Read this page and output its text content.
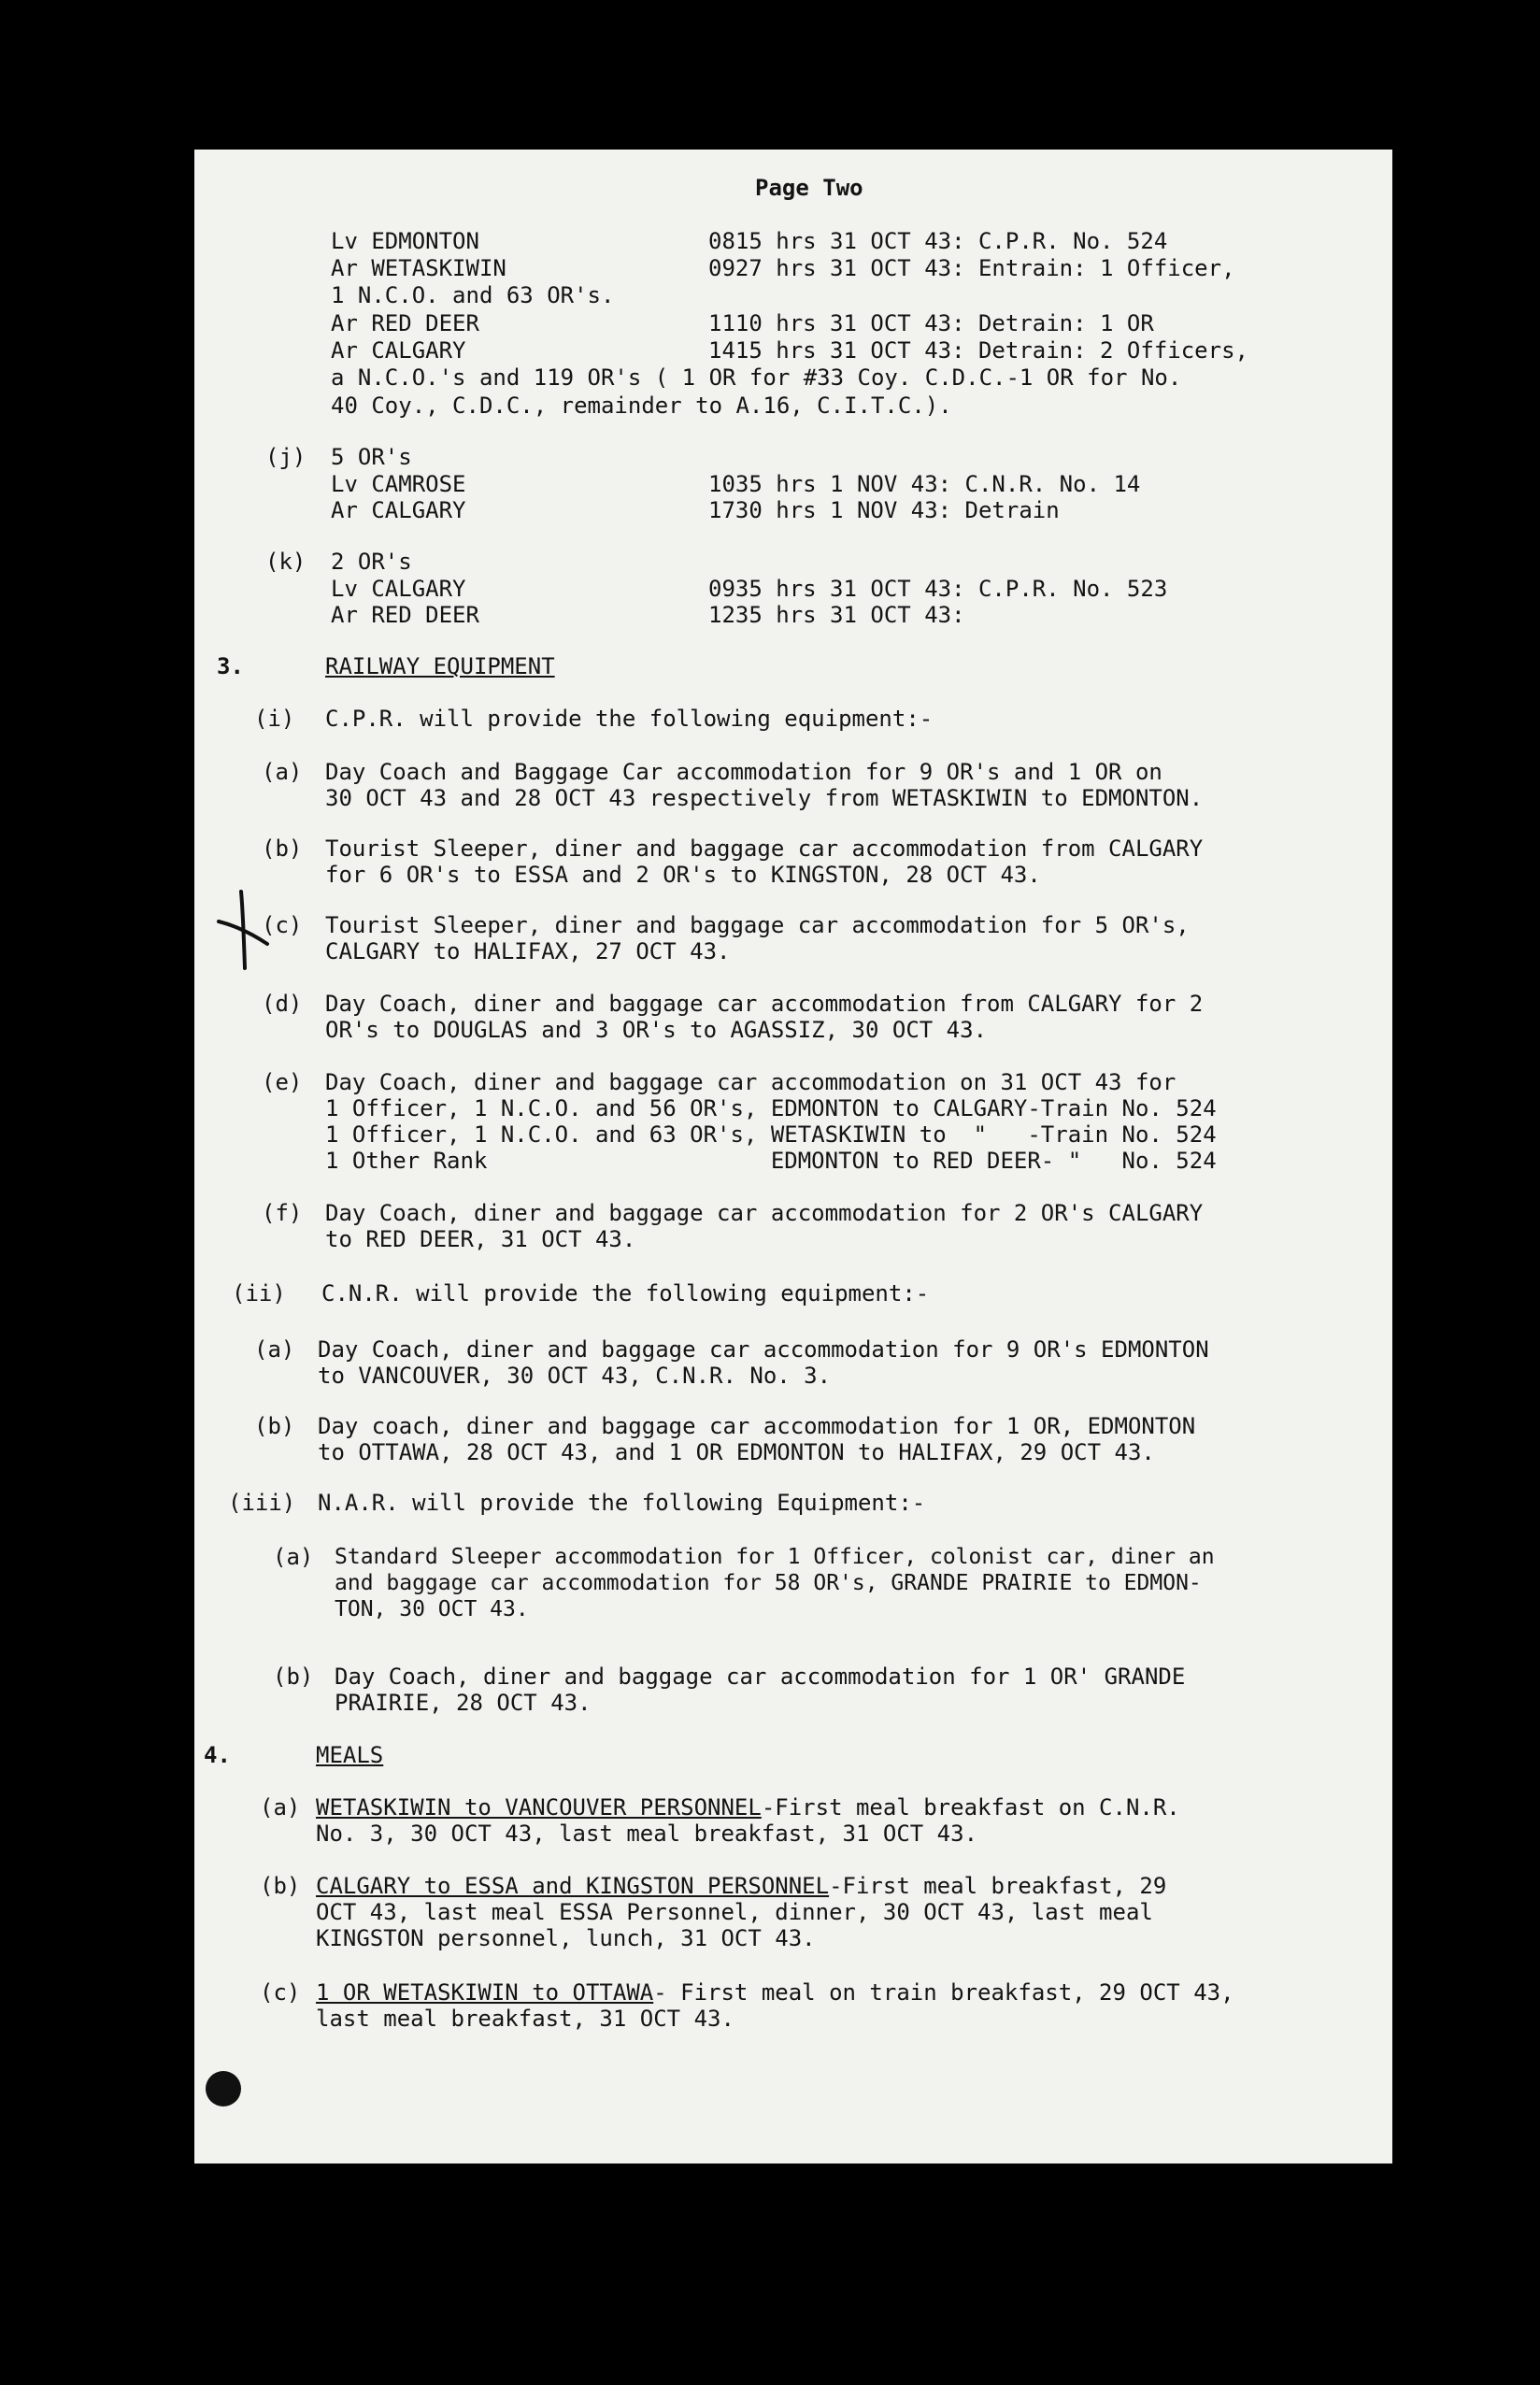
Page Two
Lv EDMONTON	0815 hrs 31 OCT 43: C.P.R. No. 524
Ar WETASKIWIN	0927 hrs 31 OCT 43: Entrain: 1 Officer,
1 N.C.O. and 63 OR's.
Ar RED DEER	1110 hrs 31 OCT 43: Detrain: 1 OR
Ar CALGARY	1415 hrs 31 OCT 43: Detrain: 2 Officers,
a N.C.O.'s and 119 OR's ( 1 OR for #33 Coy. C.D.C.-1 OR for No.
40 Coy., C.D.C., remainder to A.16, C.I.T.C.).
(j) 5 OR's
Lv CAMROSE	1035 hrs 1 NOV 43: C.N.R. No. 14
Ar CALGARY	1730 hrs 1 NOV 43: Detrain
(k) 2 OR's
Lv CALGARY	0935 hrs 31 OCT 43: C.P.R. No. 523
Ar RED DEER	1235 hrs 31 OCT 43:
3.	RAILWAY EQUIPMENT
(i) C.P.R. will provide the following equipment:-
(a) Day Coach and Baggage Car accommodation for 9 OR's and 1 OR on
30 OCT 43 and 28 OCT 43 respectively from WETASKIWIN to EDMONTON.
(b) Tourist Sleeper, diner and baggage car accommodation from CALGARY
for 6 OR's to ESSA and 2 OR's to KINGSTON, 28 OCT 43.
(c) Tourist Sleeper, diner and baggage car accommodation for 5 OR's,
CALGARY to HALIFAX, 27 OCT 43.
(d) Day Coach, diner and baggage car accommodation from CALGARY for 2
OR's to DOUGLAS and 3 OR's to AGASSIZ, 30 OCT 43.
(e) Day Coach, diner and baggage car accommodation on 31 OCT 43 for
1 Officer, 1 N.C.O. and 56 OR's, EDMONTON to CALGARY-Train No. 524
1 Officer, 1 N.C.O. and 63 OR's, WETASKIWIN to  "   -Train No. 524
1 Other Rank                     EDMONTON to RED DEER- "   No. 524
(f) Day Coach, diner and baggage car accommodation for 2 OR's CALGARY
to RED DEER, 31 OCT 43.
(ii) C.N.R. will provide the following equipment:-
(a) Day Coach, diner and baggage car accommodation for 9 OR's EDMONTON
to VANCOUVER, 30 OCT 43, C.N.R. No. 3.
(b) Day coach, diner and baggage car accommodation for 1 OR, EDMONTON
to OTTAWA, 28 OCT 43, and 1 OR EDMONTON to HALIFAX, 29 OCT 43.
(iii) N.A.R. will provide the following Equipment:-
(a) Standard Sleeper accommodation for 1 Officer, colonist car, diner an
and baggage car accommodation for 58 OR's, GRANDE PRAIRIE to EDMON-
TON, 30 OCT 43.
(b) Day Coach, diner and baggage car accommodation for 1 OR' GRANDE
PRAIRIE, 28 OCT 43.
4.	MEALS
(a) WETASKIWIN to VANCOUVER PERSONNEL-First meal breakfast on C.N.R.
No. 3, 30 OCT 43, last meal breakfast, 31 OCT 43.
(b) CALGARY to ESSA and KINGSTON PERSONNEL-First meal breakfast, 29
OCT 43, last meal ESSA Personnel, dinner, 30 OCT 43, last meal
KINGSTON personnel, lunch, 31 OCT 43.
(c) 1 OR WETASKIWIN to OTTAWA- First meal on train breakfast, 29 OCT 43,
last meal breakfast, 31 OCT 43.
